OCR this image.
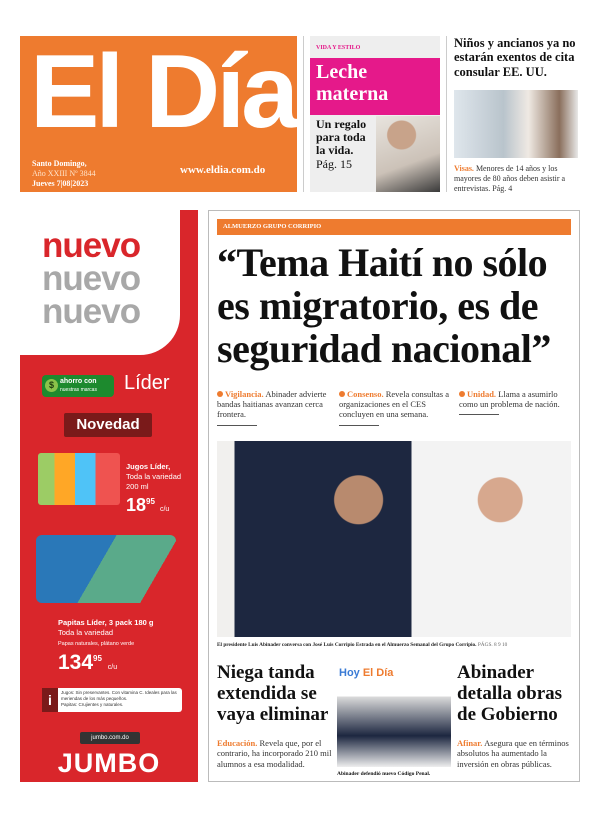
El Día
Santo Domingo,
Año XXIII Nº 3844
Jueves 7|08|2023
www.eldia.com.do
VIDA Y ESTILO
Leche materna
Un regalo para toda la vida.
Pág. 15
Niños y ancianos ya no estarán exentos de cita consular EE. UU.
Visas. Menores de 14 años y los mayores de 80 años deben asistir a entrevistas. Pág. 4
nuevo
nuevo
nuevo
$ ahorro con
nuestras marcas	Líder
Novedad
Jugos Líder,
Toda la variedad
200 ml
$18^{95}$ c/u
Papitas Líder, 3 pack 180 g
Toda la variedad
Papas naturales, plátano verde
$134^{95}$ c/u
i	Jugos: Sin preservantes. Con vitamina C. Ideales para las meriendas de los más pequeños.
Papitas: Crujientes y naturales.
jumbo.com.do
JUMBO
ALMUERZO GRUPO CORRIPIO
“Tema Haití no sólo es migratorio, es de seguridad nacional”
Vigilancia. Abinader advierte bandas haitianas avanzan cerca frontera.
Consenso. Revela consultas a organizaciones en el CES concluyen en una semana.
Unidad. Llama a asumirlo como un problema de nación.
El presidente Luis Abinader conversa con José Luis Corripio Estrada en el Almuerzo Semanal del Grupo Corripio. PÁGS. 8 9 10
Niega tanda extendida se vaya eliminar
Educación. Revela que, por el contrario, ha incorporado 210 mil alumnos a esa modalidad.
Hoy El Día
Abinader defendió nuevo Código Penal.
Abinader detalla obras de Gobierno
Afinar. Asegura que en términos absolutos ha aumentado la inversión en obras públicas.
